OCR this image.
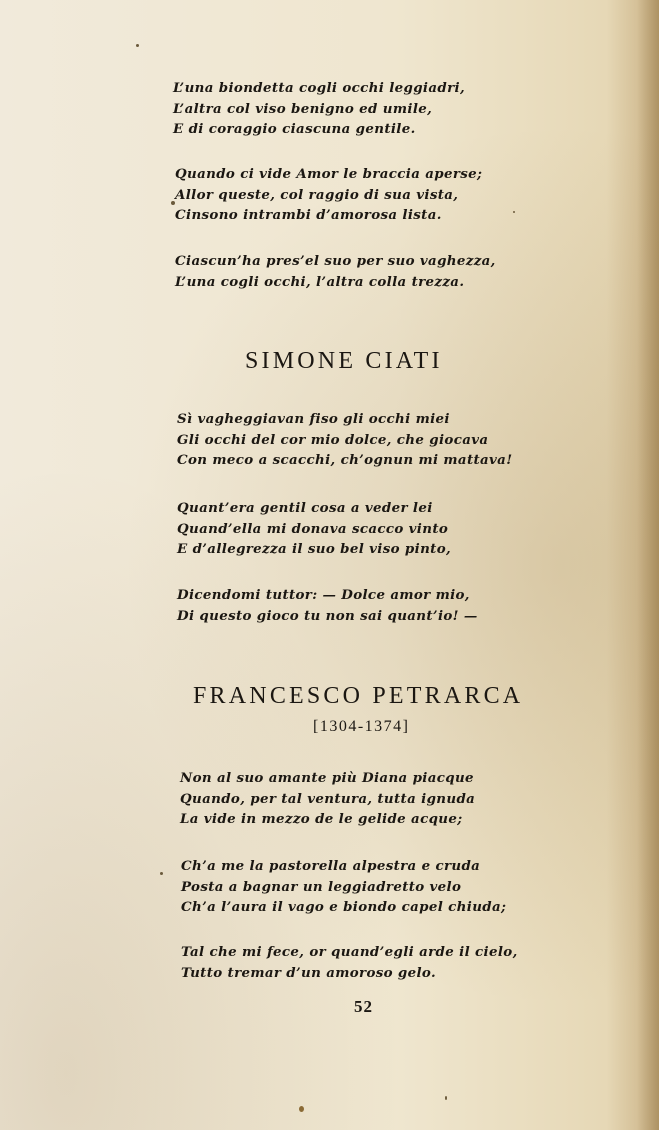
L’una biondetta cogli occhi leggiadri,
L’altra col viso benigno ed umile,
E di coraggio ciascuna gentile.
Quando ci vide Amor le braccia aperse;
Allor queste, col raggio di sua vista,
Cinsono intrambi d’amorosa lista.
Ciascun’ha pres’el suo per suo vaghezza,
L’una cogli occhi, l’altra colla trezza.
SIMONE CIATI
Sì vagheggiavan fiso gli occhi miei
Gli occhi del cor mio dolce, che giocava
Con meco a scacchi, ch’ognun mi mattava!
Quant’era gentil cosa a veder lei
Quand’ella mi donava scacco vinto
E d’allegrezza il suo bel viso pinto,
Dicendomi tuttor: — Dolce amor mio,
Di questo gioco tu non sai quant’io! —
FRANCESCO PETRARCA
[1304-1374]
Non al suo amante più Diana piacque
Quando, per tal ventura, tutta ignuda
La vide in mezzo de le gelide acque;
Ch’a me la pastorella alpestra e cruda
Posta a bagnar un leggiadretto velo
Ch’a l’aura il vago e biondo capel chiuda;
Tal che mi fece, or quand’egli arde il cielo,
Tutto tremar d’un amoroso gelo.
52
